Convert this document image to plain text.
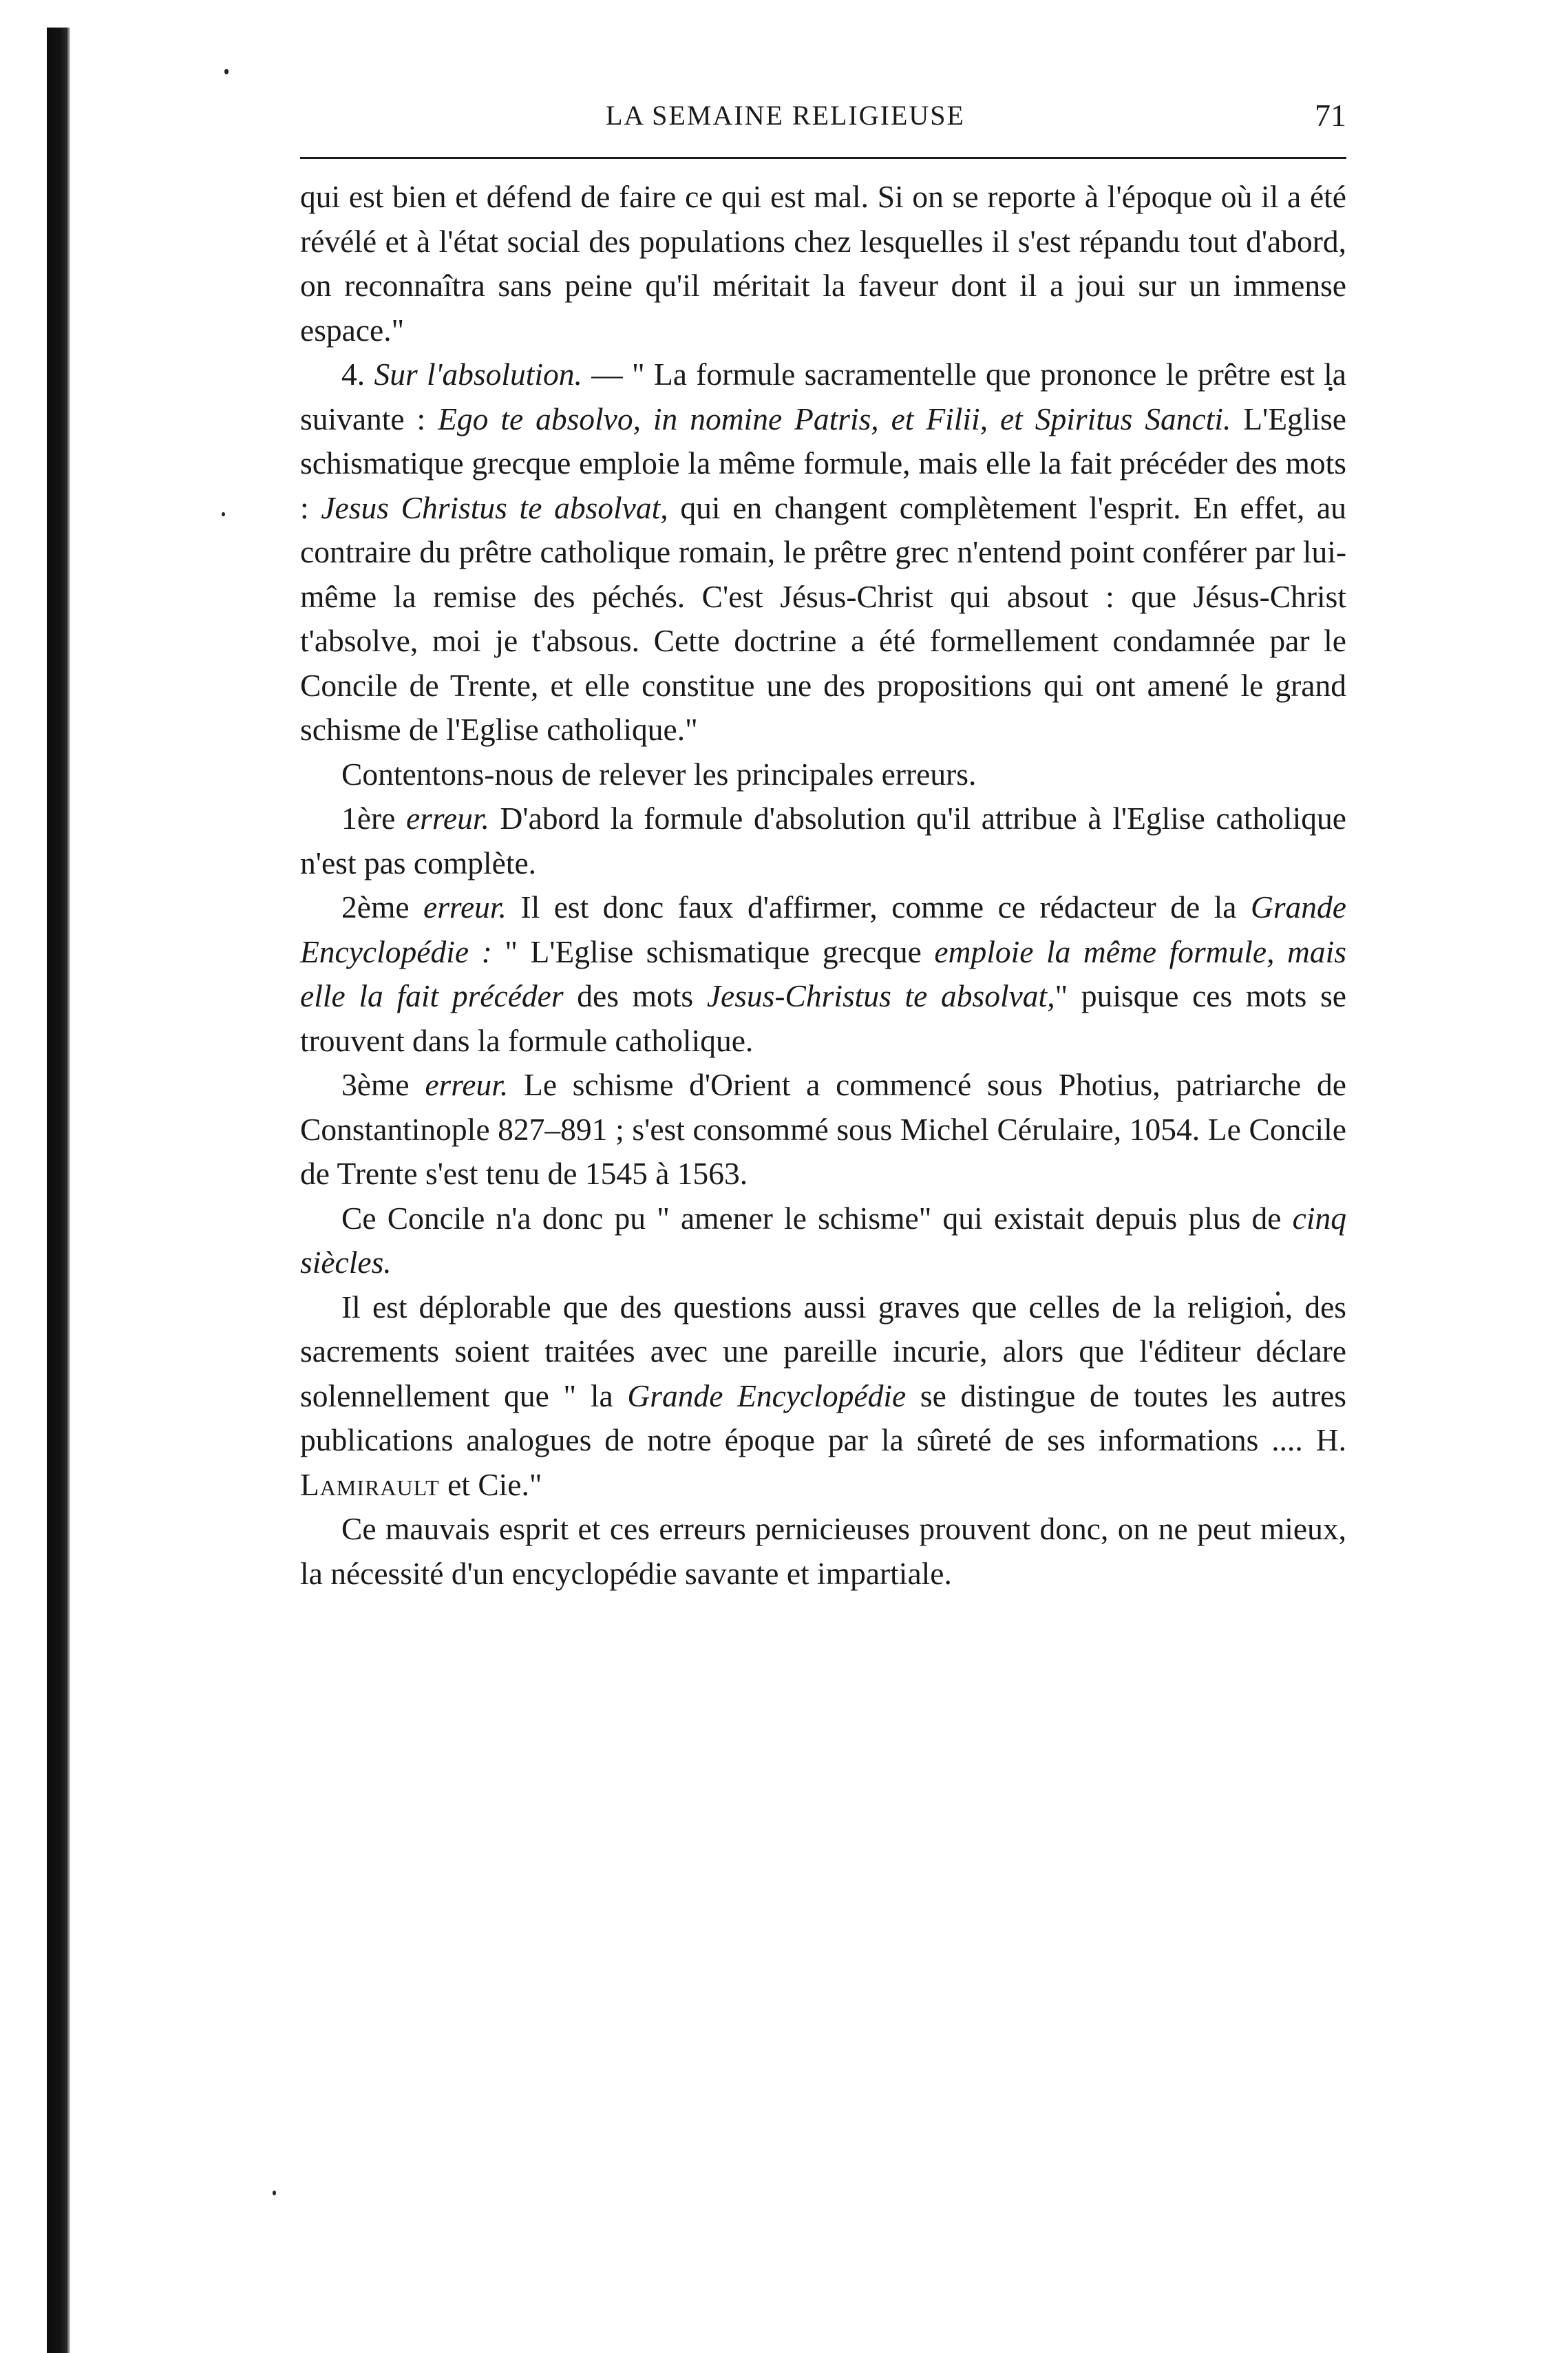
LA SEMAINE RELIGIEUSE	71

qui est bien et défend de faire ce qui est mal. Si on se reporte à l'époque où il a été révélé et à l'état social des populations chez lesquelles il s'est répandu tout d'abord, on reconnaîtra sans peine qu'il méritait la faveur dont il a joui sur un immense espace."

4. Sur l'absolution. — " La formule sacramentelle que prononce le prêtre est la suivante : Ego te absolvo, in nomine Patris, et Filii, et Spiritus Sancti. L'Eglise schismatique grecque emploie la même formule, mais elle la fait précéder des mots : Jesus Christus te absolvat, qui en changent complètement l'esprit. En effet, au contraire du prêtre catholique romain, le prêtre grec n'entend point conférer par lui-même la remise des péchés. C'est Jésus-Christ qui absout : que Jésus-Christ t'absolve, moi je t'absous. Cette doctrine a été formellement condamnée par le Concile de Trente, et elle constitue une des propositions qui ont amené le grand schisme de l'Eglise catholique."

Contentons-nous de relever les principales erreurs.

1ère erreur. D'abord la formule d'absolution qu'il attribue à l'Eglise catholique n'est pas complète.

2ème erreur. Il est donc faux d'affirmer, comme ce rédacteur de la Grande Encyclopédie : " L'Eglise schismatique grecque emploie la même formule, mais elle la fait précéder des mots Jesus-Christus te absolvat," puisque ces mots se trouvent dans la formule catholique.

3ème erreur. Le schisme d'Orient a commencé sous Photius, patriarche de Constantinople 827–891 ; s'est consommé sous Michel Cérulaire, 1054. Le Concile de Trente s'est tenu de 1545 à 1563.

Ce Concile n'a donc pu " amener le schisme" qui existait depuis plus de cinq siècles.

Il est déplorable que des questions aussi graves que celles de la religion, des sacrements soient traitées avec une pareille incurie, alors que l'éditeur déclare solennellement que " la Grande Encyclopédie se distingue de toutes les autres publications analogues de notre époque par la sûreté de ses informations .... H. Lamirault et Cie."

Ce mauvais esprit et ces erreurs pernicieuses prouvent donc, on ne peut mieux, la nécessité d'un encyclopédie savante et impartiale.
